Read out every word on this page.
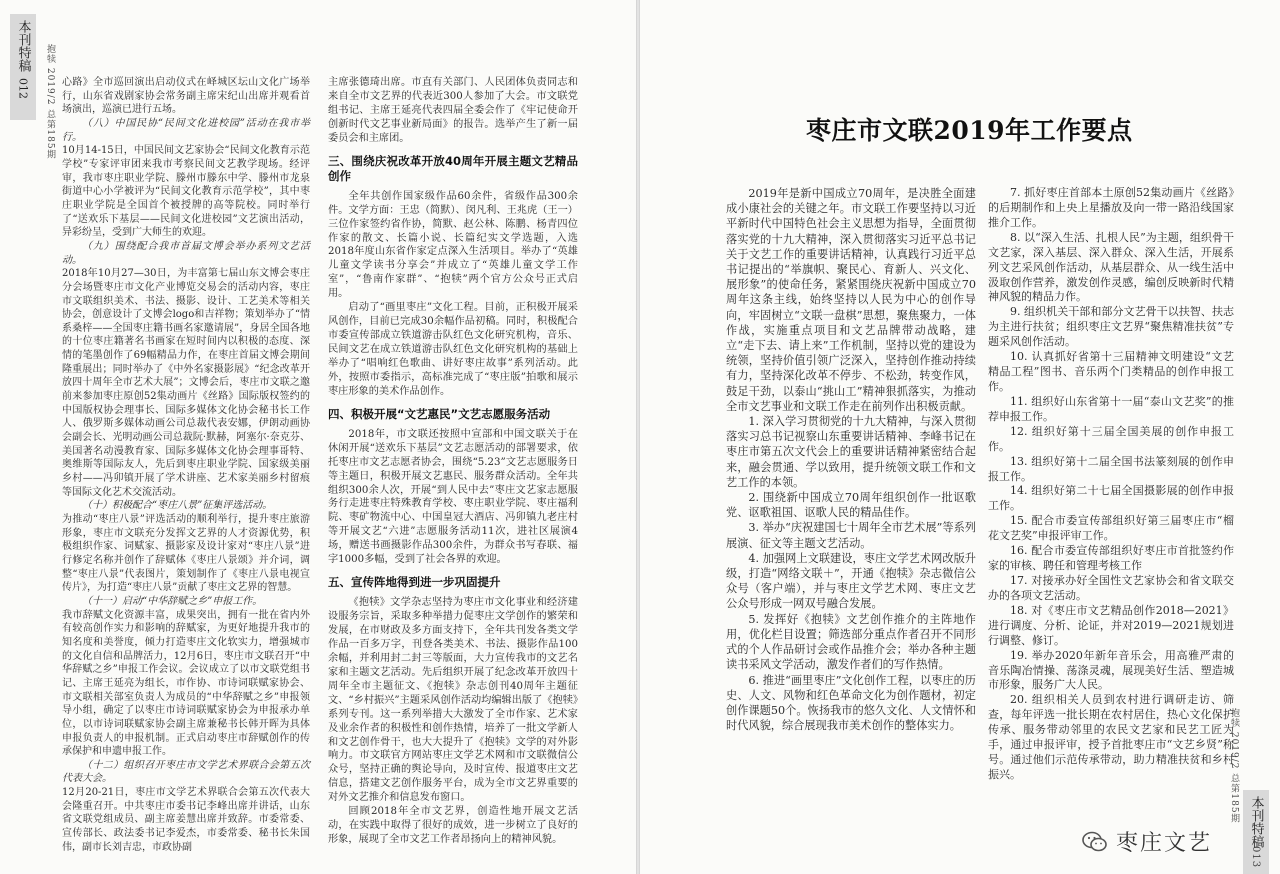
本刊特稿
012 抱犊 2019/2 总第185期 心路》全市巡回演出启动仪式在峄城区坛山文化广场举行，山东省戏剧家协会常务副主席宋纪山出席并观看首场演出，巡演已进行五场。

（八）中国民协“民间文化进校园”活动在我市举行。

10月14-15日，中国民间文艺家协会“民间文化教育示范学校”专家评审团来我市考察民间文艺教学现场。经评审，我市枣庄职业学院、滕州市滕东中学、滕州市龙泉街道中心小学被评为“民间文化教育示范学校”，其中枣庄职业学院是全国首个被授牌的高等院校。同时举行了“送欢乐下基层——民间文化进校园”文艺演出活动，异彩纷呈，受到广大师生的欢迎。

（九）围绕配合我市首届文博会举办系列文艺活动。

2018年10月27—30日，为丰富第七届山东文博会枣庄分会场暨枣庄市文化产业博览交易会的活动内容，枣庄市文联组织美术、书法、摄影、设计、工艺美术等相关协会，创意设计了文博会logo和吉祥物；策划举办了“情系桑梓——全国枣庄籍书画名家邀请展”，身居全国各地的十位枣庄籍著名书画家在短时间内以积极的态度、深情的笔墨创作了69幅精品力作，在枣庄首届文博会期间隆重展出；同时举办了《中外名家摄影展》“纪念改革开放四十周年全市艺术大展”；文博会后，枣庄市文联之邀前来参加枣庄原创52集动画片《丝路》国际版权签约的中国版权协会理事长、国际多媒体文化协会秘书长工作人、俄罗斯多媒体动画公司总裁代表安娜，伊朗动画协会副会长、光明动画公司总裁阮·默赫，阿塞尔·奈克芬、美国著名动漫教育家、国际多媒体文化协会理事哥特、奥维斯等国际友人，先后到枣庄职业学院、国家级美丽乡村——冯卯镇开展了学术讲座、艺术家美丽乡村留痕等国际文化艺术交流活动。

（十）积极配合“枣庄八景”征集评选活动。

为推动“枣庄八景”评选活动的顺利举行，提升枣庄旅游形象，枣庄市文联充分发挥文艺界的人才资源优势，积极组织作家、词赋家、摄影家及设计家对“枣庄八景”进行修定名称并创作了辞赋体《枣庄八景颂》并介词，调整“枣庄八景”代表图片，策划制作了《枣庄八景电视宣传片》，为打造“枣庄八景”贡献了枣庄文艺界的智慧。

（十一）启动“中华辞赋之乡”申报工作。

我市辞赋文化资源丰富，成果突出，拥有一批在省内外有较高创作实力和影响的辞赋家，为更好地提升我市的知名度和美誉度，倾力打造枣庄文化软实力，增强城市的文化自信和品牌活力，12月6日，枣庄市文联召开“中华辞赋之乡”申报工作会议。会议成立了以市文联党组书记、主席王延亮为组长，市作协、市诗词联赋家协会、市文联相关部室负责人为成员的“中华辞赋之乡”申报领导小组，确定了以枣庄市诗词联赋家协会为申报承办单位，以市诗词联赋家协会副主席兼秘书长韩开晖为具体申报负责人的申报机制。正式启动枣庄市辞赋创作的传承保护和申遗申报工作。

（十二）组织召开枣庄市文学艺术界联合会第五次代表大会。

12月20-21日，枣庄市文学艺术界联合会第五次代表大会隆重召开。中共枣庄市委书记李峰出席并讲话，山东省文联党组成员、副主席姜慧出席并致辞。市委常委、宣传部长、政法委书记李爱杰，市委常委、秘书长朱国伟，副市长刘吉忠，市政协副

主席张德琦出席。市直有关部门、人民团体负责同志和来自全市文艺界的代表近300人参加了大会。市文联党组书记、主席王延亮代表四届全委会作了《牢记使命开创新时代文艺事业新局面》的报告。选举产生了新一届委员会和主席团。

三、围绕庆祝改革开放40周年开展主题文艺精品创作

全年共创作国家级作品60余件，省级作品300余件。文学方面：王忠（简默）、闵凡利、王兆虎（王一）三位作家签约省作协，简默、赵公林、陈鹏、杨青四位作家的散文、长篇小说、长篇纪实文学选题，入选2018年度山东省作家定点深入生活项目。举办了“英雄儿童文学读书分享会”并成立了“英雄儿童文学工作室”，“鲁南作家群”、“抱犊”两个官方公众号正式启用。

启动了“画里枣庄”文化工程。目前，正积极开展采风创作，目前已完成30余幅作品初稿。同时，积极配合市委宣传部成立铁道游击队红色文化研究机构，音乐、民间文艺在成立铁道游击队红色文化研究机构的基础上举办了“唱响红色歌曲、讲好枣庄故事”系列活动。此外，按照市委指示，高标准完成了“枣庄版”拍歌和展示枣庄形象的美术作品创作。

四、积极开展“文艺惠民”文艺志愿服务活动

2018年，市文联还按照中宣部和中国文联关于在休闲开展“送欢乐下基层”文艺志愿活动的部署要求，依托枣庄市文艺志愿者协会，围绕“5.23”文艺志愿服务日等主题日，积极开展文艺惠民、服务群众活动。全年共组织300余人次，开展“到人民中去”枣庄文艺家志愿服务行走进枣庄特殊教育学校、枣庄职业学院、枣庄福利院、枣矿物流中心、中国皇冠大酒店、冯卯镇九老庄村等开展文艺“六进”志愿服务活动11次，进社区展演4场，赠送书画摄影作品300余件，为群众书写春联、福字1000多幅，受到了社会各界的欢迎。

五、宣传阵地得到进一步巩固提升

《抱犊》文学杂志坚持为枣庄市文化事业和经济建设服务宗旨，采取多种举措力促枣庄文学创作的繁荣和发展，在市财政及多方面支持下，全年共刊发各类文学作品一百多万字，刊登各类美术、书法、摄影作品100余幅，并利用封二封三等版面，大力宣传我市的文艺名家和主题文艺活动。先后组织开展了纪念改革开放四十周年全市主题征文、《抱犊》杂志创刊40周年主题征文、“乡村振兴”主题采风创作活动均编辑出版了《抱犊》系列专刊。这一系列举措大大激发了全市作家、艺术家及业余作者的积极性和创作热情，培养了一批文学新人和文艺创作骨干，也大大提升了《抱犊》文学的对外影响力。市文联官方网站枣庄文学艺术网和市文联微信公众号，坚持正确的舆论导向，及时宣传、报道枣庄文艺信息，搭建文艺创作服务平台，成为全市文艺界重要的对外文艺推介和信息发布窗口。

回顾2018年全市文艺界，创造性地开展文艺活动，在实践中取得了很好的成效，进一步树立了良好的形象，展现了全市文艺工作者昂扬向上的精神风貌。

枣庄市文联2019年工作要点

2019年是新中国成立70周年，是决胜全面建成小康社会的关键之年。市文联工作要坚持以习近平新时代中国特色社会主义思想为指导，全面贯彻落实党的十九大精神，深入贯彻落实习近平总书记关于文艺工作的重要讲话精神，认真践行习近平总书记提出的“举旗帜、聚民心、育新人、兴文化、展形象”的使命任务，紧紧围绕庆祝新中国成立70周年这条主线，始终坚持以人民为中心的创作导向，牢固树立“文联一盘棋”思想，聚焦聚力，一体作战，实施重点项目和文艺品牌带动战略，建立“走下去、请上来”工作机制，坚持以党的建设为统领，坚持价值引领广泛深入，坚持创作推动持续有力，坚持深化改革不停步、不松劲，转变作风，鼓足干劲，以泰山“挑山工”精神狠抓落实，为推动全市文艺事业和文联工作走在前列作出积极贡献。

1. 深入学习贯彻党的十九大精神，与深入贯彻落实习总书记视察山东重要讲话精神、李峰书记在枣庄市第五次文代会上的重要讲话精神紧密结合起来，融会贯通、学以致用，提升统领文联工作和文艺工作的本领。

2. 围绕新中国成立70周年组织创作一批讴歌党、讴歌祖国、讴歌人民的精品佳作。

3. 举办“庆祝建国七十周年全市艺术展”等系列展演、征文等主题文艺活动。

4. 加强网上文联建设，枣庄文学艺术网改版升级，打造“网络文联＋”，开通《抱犊》杂志微信公众号（客户端），并与枣庄文学艺术网、枣庄文艺公众号形成一网双号融合发展。

5. 发挥好《抱犊》文艺创作推介的主阵地作用，优化栏目设置；筛选部分重点作者召开不同形式的个人作品研讨会或作品推介会；举办各种主题读书采风文学活动，激发作者们的写作热情。

6. 推进“画里枣庄”文化创作工程，以枣庄的历史、人文、风物和红色革命文化为创作题材，初定创作课题50个。恢扬我市的悠久文化、人文情怀和时代风貌，综合展现我市美术创作的整体实力。

7. 抓好枣庄首部本土原创52集动画片《丝路》的后期制作和上央上星播放及向一带一路沿线国家推介工作。

8. 以“深入生活、扎根人民”为主题，组织骨干文艺家，深入基层、深入群众、深入生活，开展系列文艺采风创作活动，从基层群众、从一线生活中汲取创作营养，激发创作灵感，编创反映新时代精神风貌的精品力作。

9. 组织机关干部和部分文艺骨干以扶智、扶志为主进行扶贫；组织枣庄文艺界“聚焦精准扶贫”专题采风创作活动。

10. 认真抓好省第十三届精神文明建设“文艺精品工程”图书、音乐两个门类精品的创作申报工作。

11. 组织好山东省第十一届“泰山文艺奖”的推荐申报工作。

12. 组织好第十三届全国美展的创作申报工作。

13. 组织好第十二届全国书法篆刻展的创作申报工作。

14. 组织好第二十七届全国摄影展的创作申报工作。

15. 配合市委宣传部组织好第三届枣庄市“榴花文艺奖”申报评审工作。

16. 配合市委宣传部组织好枣庄市首批签约作家的审核、聘任和管理考核工作

17. 对接承办好全国性文艺家协会和省文联交办的各项文艺活动。

18. 对《枣庄市文艺精品创作2018—2021》进行调度、分析、论证，并对2019—2021规划进行调整、修订。

19. 举办2020年新年音乐会，用高雅严肃的音乐陶冶情操、荡涤灵魂，展现美好生活、塑造城市形象，服务广大人民。

20. 组织相关人员到农村进行调研走访、筛查，每年评选一批长期在农村居住，热心文化保护传承、服务带动邻里的农民文艺家和民艺工匠为手，通过申报评审，授予首批枣庄市“文艺乡贤”称号。通过他们示范传承带动，助力精准扶贫和乡村振兴。	抱犊 2019/2 总第185期 本刊特稿
013
枣庄文艺
